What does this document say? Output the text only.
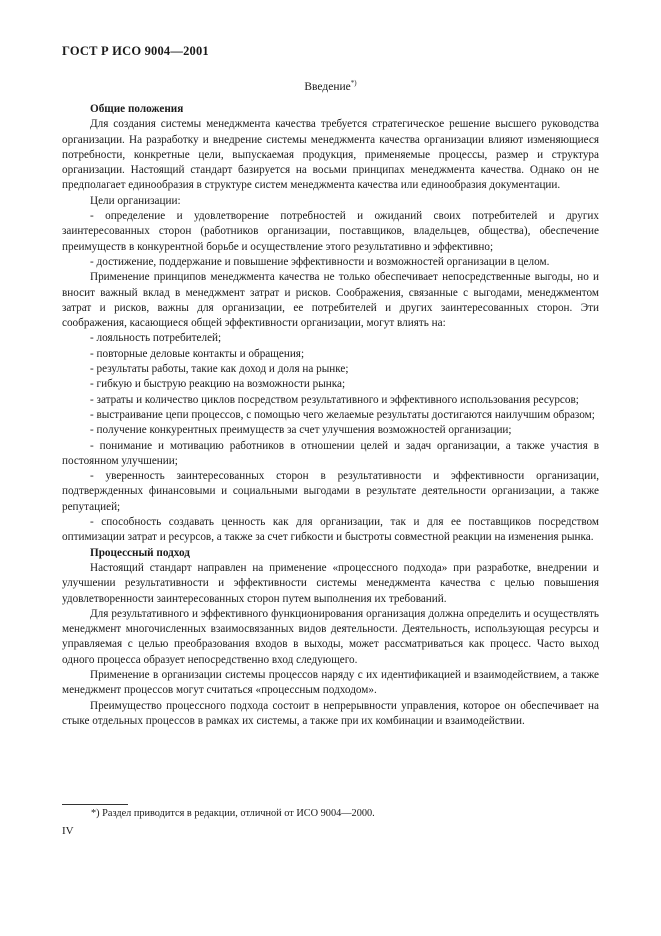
ГОСТ Р ИСО 9004—2001
Введение*)

Общие положения

Для создания системы менеджмента качества требуется стратегическое решение высшего руководства организации. На разработку и внедрение системы менеджмента качества организации влияют изменяющиеся потребности, конкретные цели, выпускаемая продукция, применяемые процессы, размер и структура организации. Настоящий стандарт базируется на восьми принципах менеджмента качества. Однако он не предполагает единообразия в структуре систем менеджмента качества или единообразия документации.

Цели организации:

- определение и удовлетворение потребностей и ожиданий своих потребителей и других заинтересованных сторон (работников организации, поставщиков, владельцев, общества), обеспечение преимуществ в конкурентной борьбе и осуществление этого результативно и эффективно;

- достижение, поддержание и повышение эффективности и возможностей организации в целом.

Применение принципов менеджмента качества не только обеспечивает непосредственные выгоды, но и вносит важный вклад в менеджмент затрат и рисков. Соображения, связанные с выгодами, менеджментом затрат и рисков, важны для организации, ее потребителей и других заинтересованных сторон. Эти соображения, касающиеся общей эффективности организации, могут влиять на:

- лояльность потребителей;

- повторные деловые контакты и обращения;

- результаты работы, такие как доход и доля на рынке;

- гибкую и быструю реакцию на возможности рынка;

- затраты и количество циклов посредством результативного и эффективного использования ресурсов;

- выстраивание цепи процессов, с помощью чего желаемые результаты достигаются наилучшим образом;

- получение конкурентных преимуществ за счет улучшения возможностей организации;

- понимание и мотивацию работников в отношении целей и задач организации, а также участия в постоянном улучшении;

- уверенность заинтересованных сторон в результативности и эффективности организации, подтвержденных финансовыми и социальными выгодами в результате деятельности организации, а также репутацией;

- способность создавать ценность как для организации, так и для ее поставщиков посредством оптимизации затрат и ресурсов, а также за счет гибкости и быстроты совместной реакции на изменения рынка.

Процессный подход

Настоящий стандарт направлен на применение «процессного подхода» при разработке, внедрении и улучшении результативности и эффективности системы менеджмента качества с целью повышения удовлетворенности заинтересованных сторон путем выполнения их требований.

Для результативного и эффективного функционирования организация должна определить и осуществлять менеджмент многочисленных взаимосвязанных видов деятельности. Деятельность, использующая ресурсы и управляемая с целью преобразования входов в выходы, может рассматриваться как процесс. Часто выход одного процесса образует непосредственно вход следующего.

Применение в организации системы процессов наряду с их идентификацией и взаимодействием, а также менеджмент процессов могут считаться «процессным подходом».

Преимущество процессного подхода состоит в непрерывности управления, которое он обеспечивает на стыке отдельных процессов в рамках их системы, а также при их комбинации и взаимодействии.

*) Раздел приводится в редакции, отличной от ИСО 9004—2000.
IV
